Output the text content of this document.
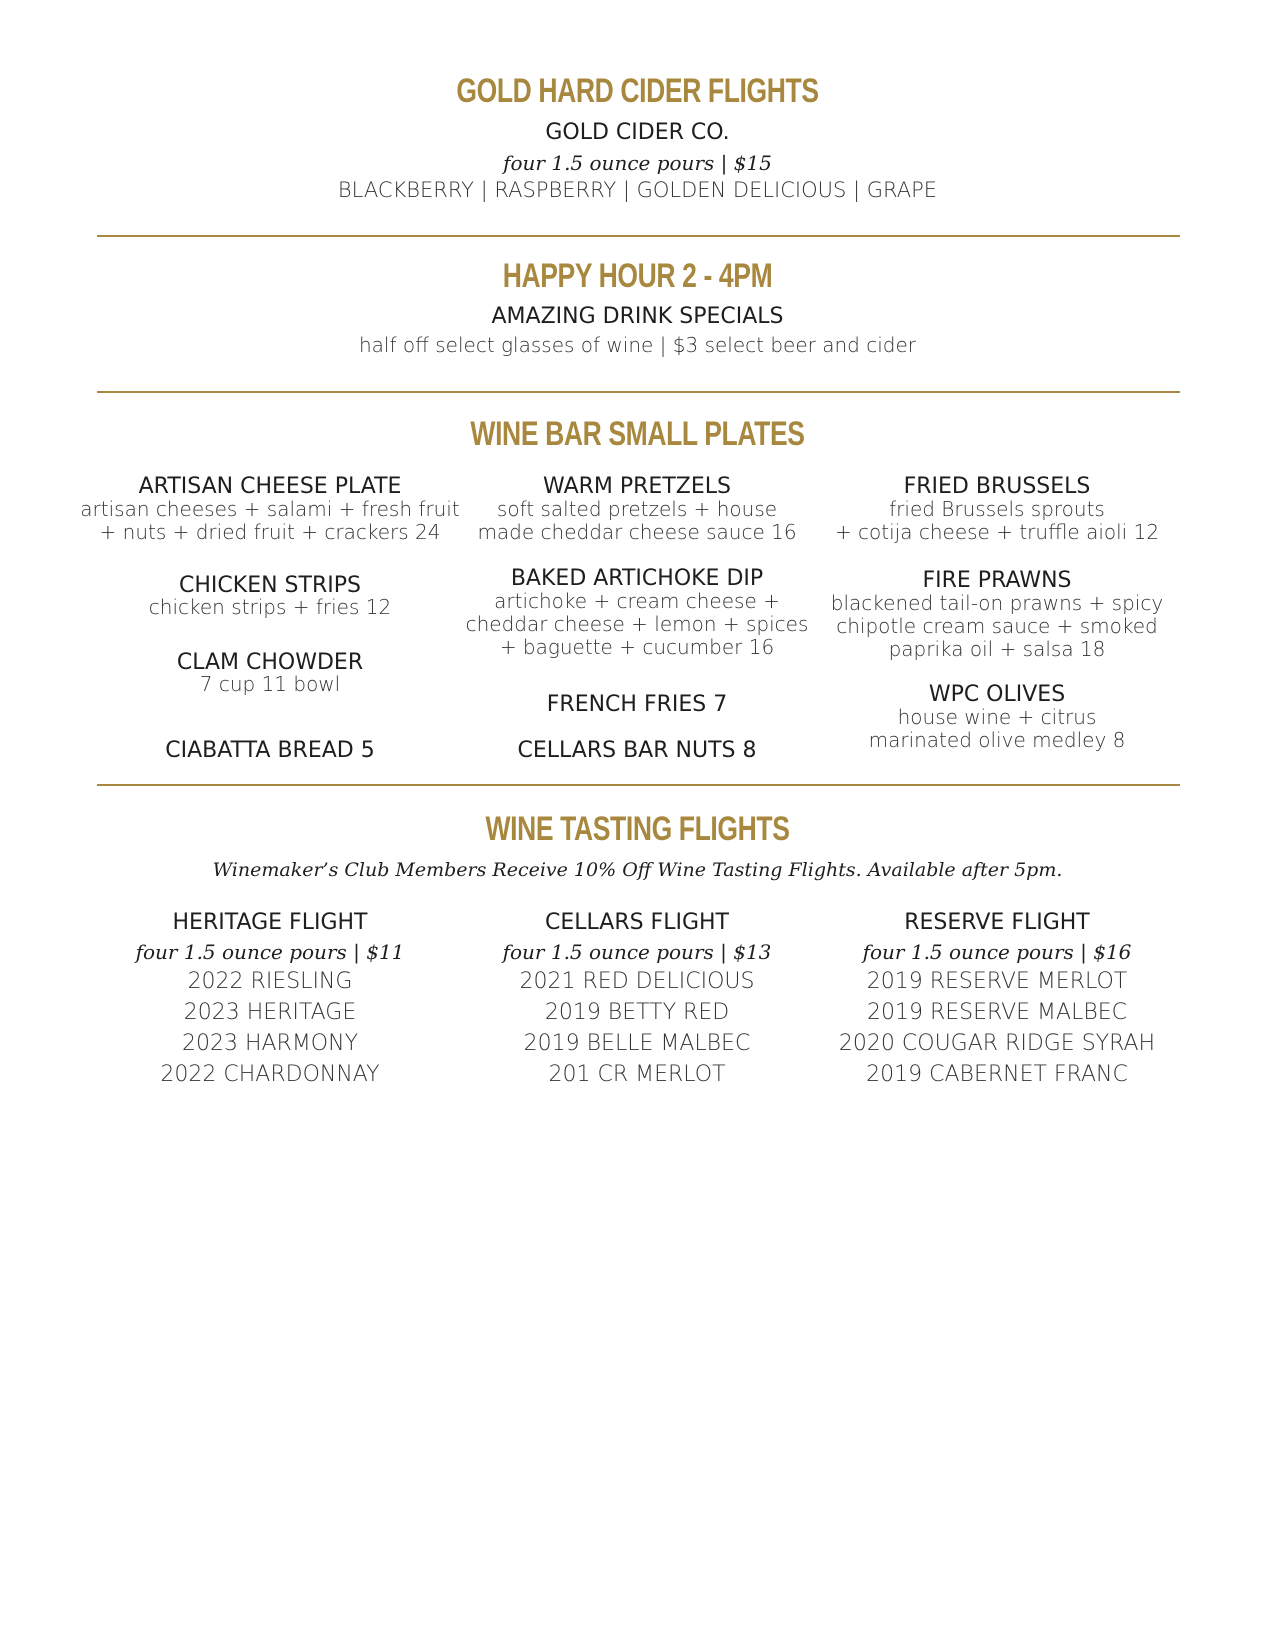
GOLD HARD CIDER FLIGHTS
GOLD CIDER CO.
four 1.5 ounce pours | $15
BLACKBERRY | RASPBERRY | GOLDEN DELICIOUS | GRAPE
HAPPY HOUR 2 - 4PM
AMAZING DRINK SPECIALS
half off select glasses of wine | $3 select beer and cider
WINE BAR SMALL PLATES
ARTISAN CHEESE PLATE
artisan cheeses + salami + fresh fruit
+ nuts + dried fruit + crackers 24
CHICKEN STRIPS
chicken strips + fries 12
CLAM CHOWDER
7 cup 11 bowl
CIABATTA BREAD 5
WARM PRETZELS
soft salted pretzels + house
made cheddar cheese sauce 16
BAKED ARTICHOKE DIP
artichoke + cream cheese +
cheddar cheese + lemon + spices
+ baguette + cucumber 16
FRENCH FRIES 7
CELLARS BAR NUTS 8
FRIED BRUSSELS
fried Brussels sprouts
+ cotija cheese + truffle aioli 12
FIRE PRAWNS
blackened tail-on prawns + spicy
chipotle cream sauce + smoked
paprika oil + salsa 18
WPC OLIVES
house wine + citrus
marinated olive medley 8
WINE TASTING FLIGHTS
Winemaker’s Club Members Receive 10% Off Wine Tasting Flights. Available after 5pm.
HERITAGE FLIGHT
four 1.5 ounce pours | $11
2022 RIESLING
2023 HERITAGE
2023 HARMONY
2022 CHARDONNAY
CELLARS FLIGHT
four 1.5 ounce pours | $13
2021 RED DELICIOUS
2019 BETTY RED
2019 BELLE MALBEC
201 CR MERLOT
RESERVE FLIGHT
four 1.5 ounce pours | $16
2019 RESERVE MERLOT
2019 RESERVE MALBEC
2020 COUGAR RIDGE SYRAH
2019 CABERNET FRANC
